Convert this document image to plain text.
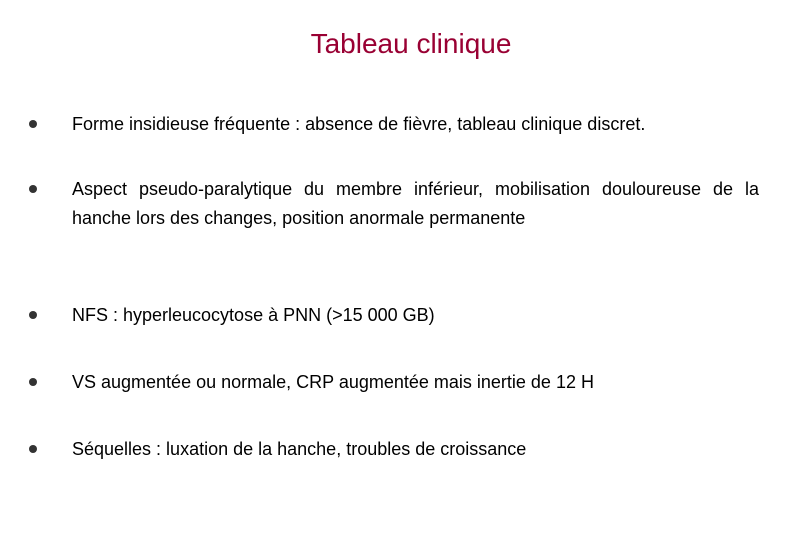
Tableau clinique
Forme insidieuse fréquente : absence de fièvre, tableau clinique discret.
Aspect pseudo-paralytique du membre inférieur, mobilisation douloureuse de la hanche lors des changes, position anormale permanente
NFS : hyperleucocytose à PNN (>15 000 GB)
VS augmentée ou normale, CRP augmentée mais inertie de 12 H
Séquelles : luxation de la hanche, troubles de croissance
